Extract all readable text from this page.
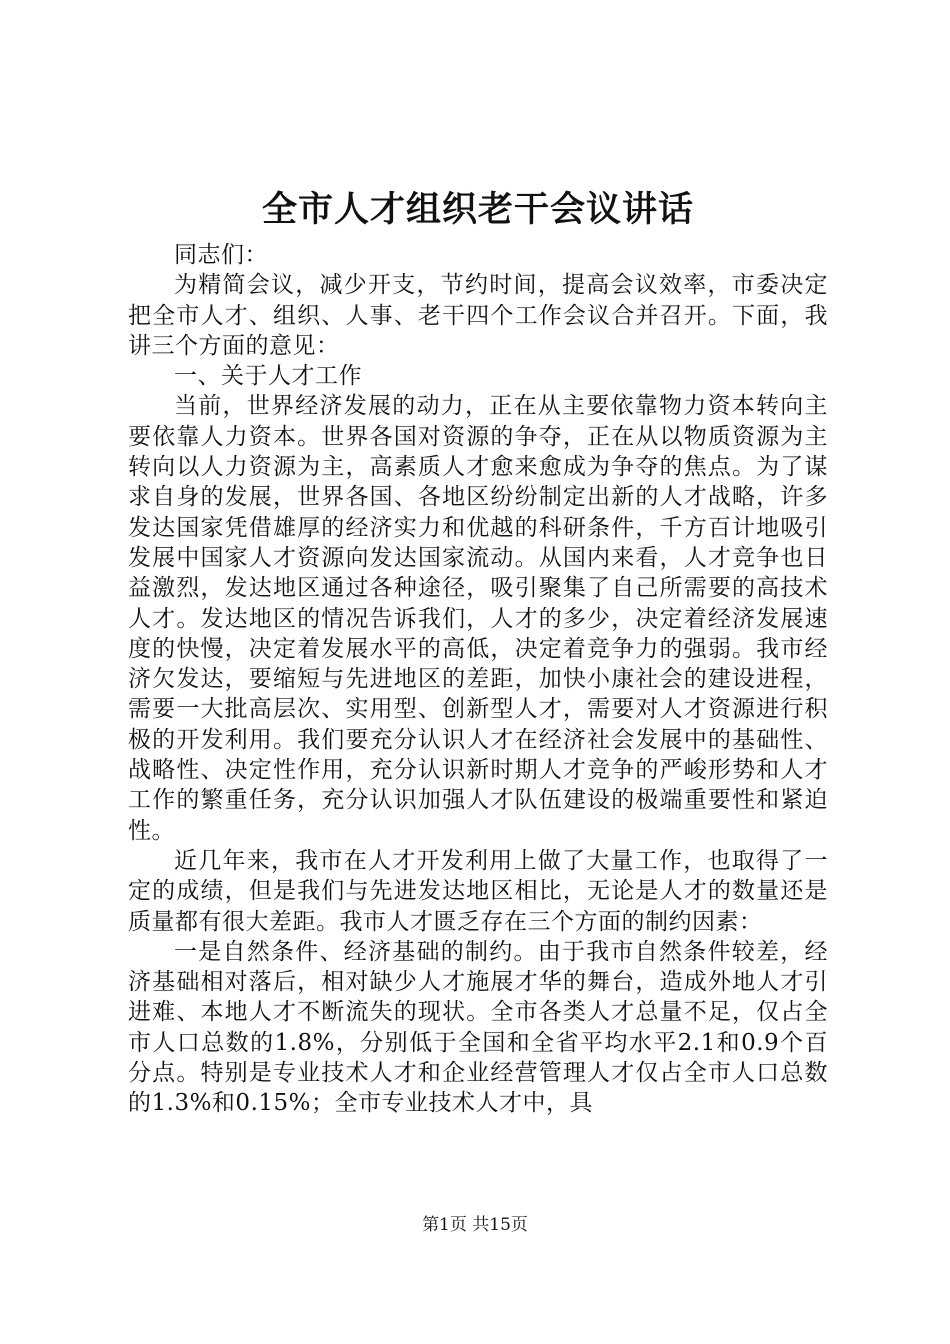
全市人才组织老干会议讲话

同志们：

为精简会议，减少开支，节约时间，提高会议效率，市委决定把全市人才、组织、人事、老干四个工作会议合并召开。下面，我讲三个方面的意见：

一、关于人才工作

当前，世界经济发展的动力，正在从主要依靠物力资本转向主要依靠人力资本。世界各国对资源的争夺，正在从以物质资源为主转向以人力资源为主，高素质人才愈来愈成为争夺的焦点。为了谋求自身的发展，世界各国、各地区纷纷制定出新的人才战略，许多发达国家凭借雄厚的经济实力和优越的科研条件，千方百计地吸引发展中国家人才资源向发达国家流动。从国内来看，人才竞争也日益激烈，发达地区通过各种途径，吸引聚集了自己所需要的高技术人才。发达地区的情况告诉我们，人才的多少，决定着经济发展速度的快慢，决定着发展水平的高低，决定着竞争力的强弱。我市经济欠发达，要缩短与先进地区的差距，加快小康社会的建设进程，需要一大批高层次、实用型、创新型人才，需要对人才资源进行积极的开发利用。我们要充分认识人才在经济社会发展中的基础性、战略性、决定性作用，充分认识新时期人才竞争的严峻形势和人才工作的繁重任务，充分认识加强人才队伍建设的极端重要性和紧迫性。

近几年来，我市在人才开发利用上做了大量工作，也取得了一定的成绩，但是我们与先进发达地区相比，无论是人才的数量还是质量都有很大差距。我市人才匮乏存在三个方面的制约因素：

一是自然条件、经济基础的制约。由于我市自然条件较差，经济基础相对落后，相对缺少人才施展才华的舞台，造成外地人才引进难、本地人才不断流失的现状。全市各类人才总量不足，仅占全市人口总数的1.8%，分别低于全国和全省平均水平2.1和0.9个百分点。特别是专业技术人才和企业经营管理人才仅占全市人口总数的1.3%和0.15%；全市专业技术人才中，具

第1页 共15页
